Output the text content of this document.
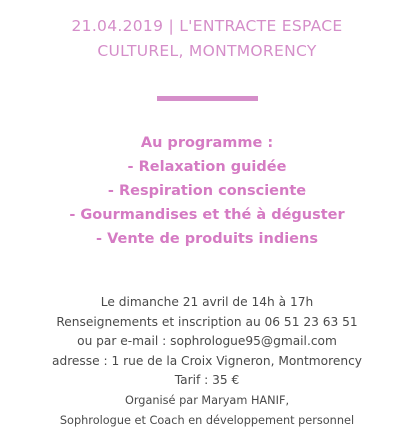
21.04.2019 | L'ENTRACTE ESPACE
CULTUREL, MONTMORENCY
Au programme :
- Relaxation guidée
- Respiration consciente
- Gourmandises et thé à déguster
- Vente de produits indiens
Le dimanche 21 avril de 14h à 17h
Renseignements et inscription au 06 51 23 63 51
ou par e-mail : sophrologue95@gmail.com
adresse : 1 rue de la Croix Vigneron, Montmorency
Tarif : 35 €
Organisé par Maryam HANIF,
Sophrologue et Coach en développement personnel
